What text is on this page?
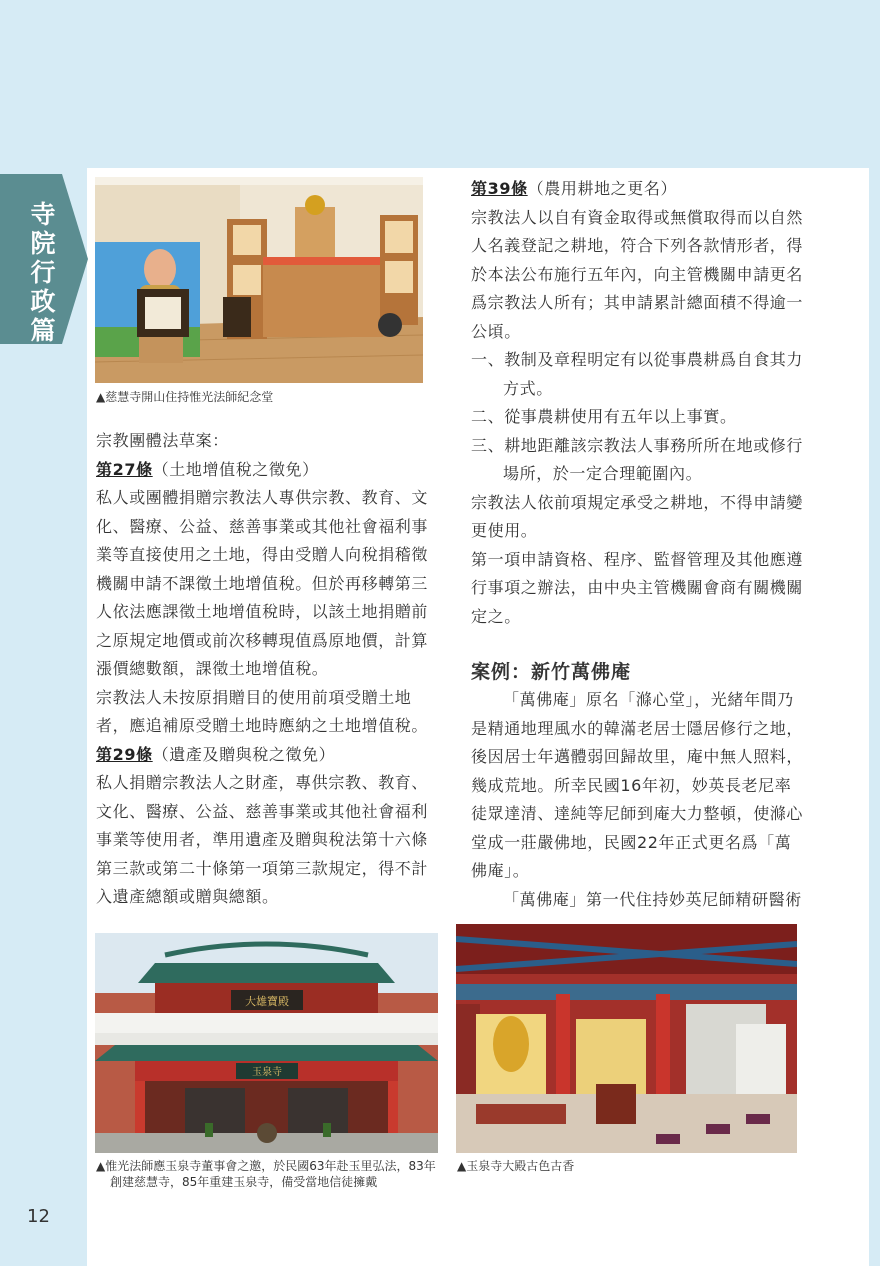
寺
院
行
政
篇
▲慈慧寺開山住持惟光法師紀念堂

宗教團體法草案：

第27條（土地增值稅之徵免）

私人或團體捐贈宗教法人專供宗教、教育、文化、醫療、公益、慈善事業或其他社會福利事業等直接使用之土地，得由受贈人向稅捐稽徵機關申請不課徵土地增值稅。但於再移轉第三人依法應課徵土地增值稅時，以該土地捐贈前之原規定地價或前次移轉現值爲原地價，計算漲價總數額，課徵土地增值稅。

宗教法人未按原捐贈目的使用前項受贈土地者，應追補原受贈土地時應納之土地增值稅。

第29條（遺產及贈與稅之徵免）

私人捐贈宗教法人之財產，專供宗教、教育、文化、醫療、公益、慈善事業或其他社會福利事業等使用者，準用遺產及贈與稅法第十六條第三款或第二十條第一項第三款規定，得不計入遺產總額或贈與總額。

第39條（農用耕地之更名）

宗教法人以自有資金取得或無償取得而以自然人名義登記之耕地，符合下列各款情形者，得於本法公布施行五年內，向主管機關申請更名爲宗教法人所有；其申請累計總面積不得逾一公頃。

一、教制及章程明定有以從事農耕爲自食其力方式。

二、從事農耕使用有五年以上事實。

三、耕地距離該宗教法人事務所所在地或修行場所，於一定合理範圍內。

宗教法人依前項規定承受之耕地，不得申請變更使用。

第一項申請資格、程序、監督管理及其他應遵行事項之辦法，由中央主管機關會商有關機關定之。

案例：新竹萬佛庵

「萬佛庵」原名「滌心堂」，光緒年間乃是精通地理風水的韓滿老居士隱居修行之地，後因居士年邁體弱回歸故里，庵中無人照料，幾成荒地。所幸民國16年初，妙英長老尼率徒眾達清、達純等尼師到庵大力整頓，使滌心堂成一莊嚴佛地，民國22年正式更名爲「萬佛庵」。

「萬佛庵」第一代住持妙英尼師精研醫術

大雄寶殿
玉泉寺
▲惟光法師應玉泉寺董事會之邀，於民國63年赴玉里弘法，83年
創建慈慧寺，85年重建玉泉寺，備受當地信徒擁戴
▲玉泉寺大殿古色古香
12
